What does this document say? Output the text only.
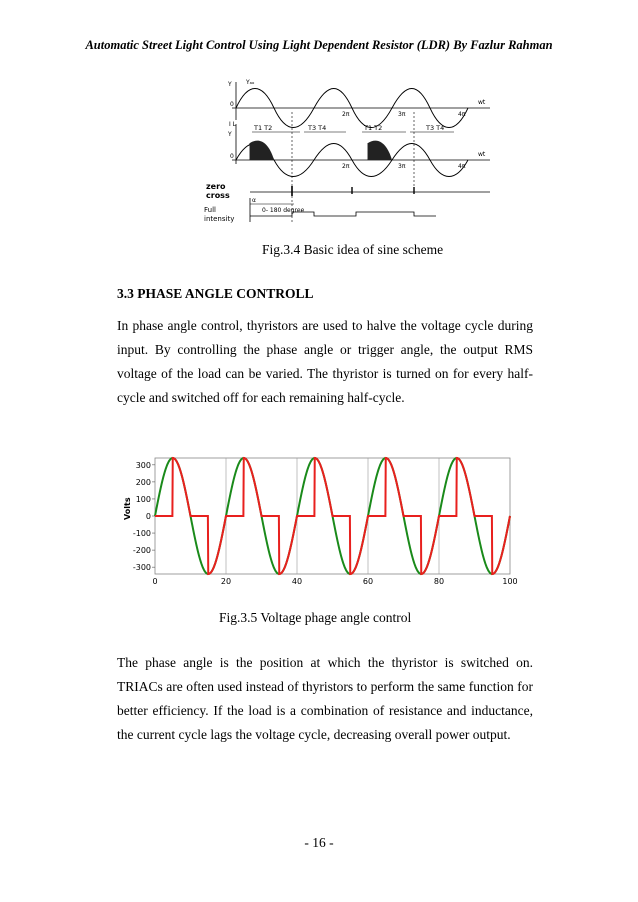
Automatic Street Light Control Using Light Dependent Resistor (LDR) By Fazlur Rahman
Y Yₐₒ
Y
I L
0
0
2π	3π	4π
2π	3π	4π
wt
wt
T1 T2	T3 T4	T1 T2	T3 T4
zero
cross
α
0- 180 degree
Full
intensity
Fig.3.4 Basic idea of sine scheme
3.3 PHASE ANGLE CONTROLL
In phase angle control, thyristors are used to halve the voltage cycle during input. By controlling the phase angle or trigger angle, the output RMS voltage of the load can be varied. The thyristor is turned on for every half-cycle and switched off for each remaining half-cycle.
0	20	40	60	80	100
300
200
100
0
-100
-200
-300
Volts
Fig.3.5 Voltage phage angle control
The phase angle is the position at which the thyristor is switched on. TRIACs are often used instead of thyristors to perform the same function for better efficiency. If the load is a combination of resistance and inductance, the current cycle lags the voltage cycle, decreasing overall power output.
- 16 -
